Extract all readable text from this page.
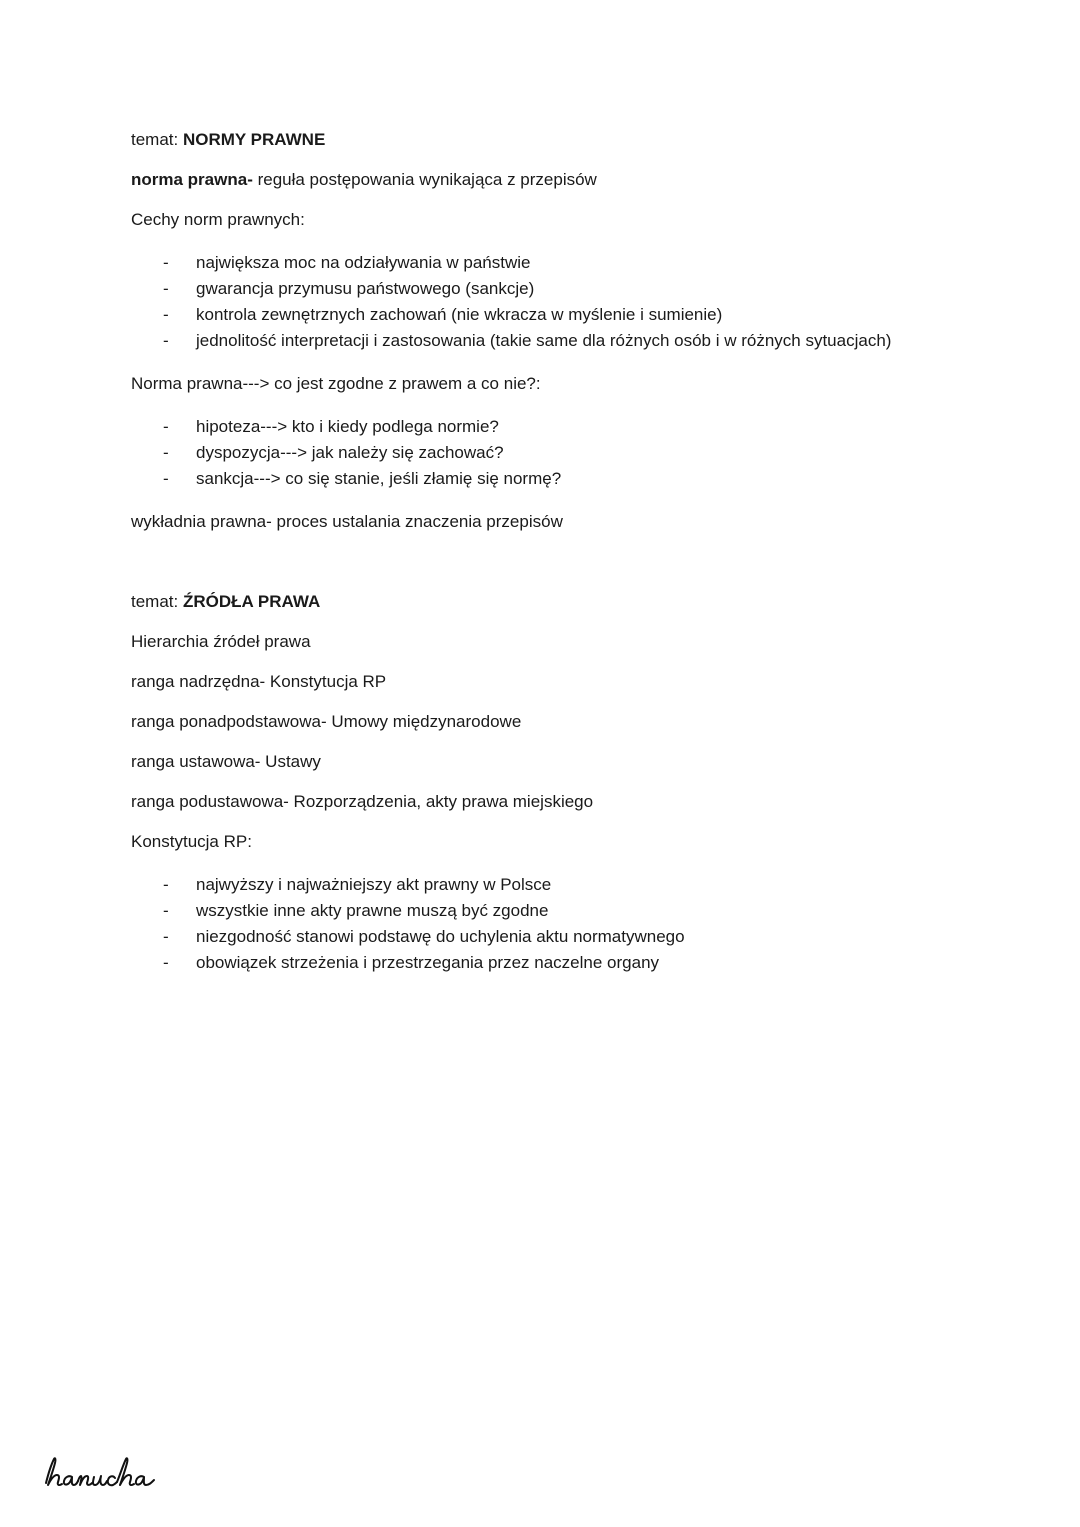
temat: NORMY PRAWNE

norma prawna- reguła postępowania wynikająca z przepisów

Cechy norm prawnych:

- największa moc na odziaływania w państwie
- gwarancja przymusu państwowego (sankcje)
- kontrola zewnętrznych zachowań (nie wkracza w myślenie i sumienie)
- jednolitość interpretacji i zastosowania (takie same dla różnych osób i w różnych sytuacjach)

Norma prawna---> co jest zgodne z prawem a co nie?:

- hipoteza---> kto i kiedy podlega normie?
- dyspozycja---> jak należy się zachować?
- sankcja---> co się stanie, jeśli złamię się normę?

wykładnia prawna- proces ustalania znaczenia przepisów

temat: ŹRÓDŁA PRAWA

Hierarchia źródeł prawa

ranga nadrzędna- Konstytucja RP

ranga ponadpodstawowa- Umowy międzynarodowe

ranga ustawowa- Ustawy

ranga podustawowa- Rozporządzenia, akty prawa miejskiego

Konstytucja RP:

- najwyższy i najważniejszy akt prawny w Polsce
- wszystkie inne akty prawne muszą być zgodne
- niezgodność stanowi podstawę do uchylenia aktu normatywnego
- obowiązek strzeżenia i przestrzegania przez naczelne organy
